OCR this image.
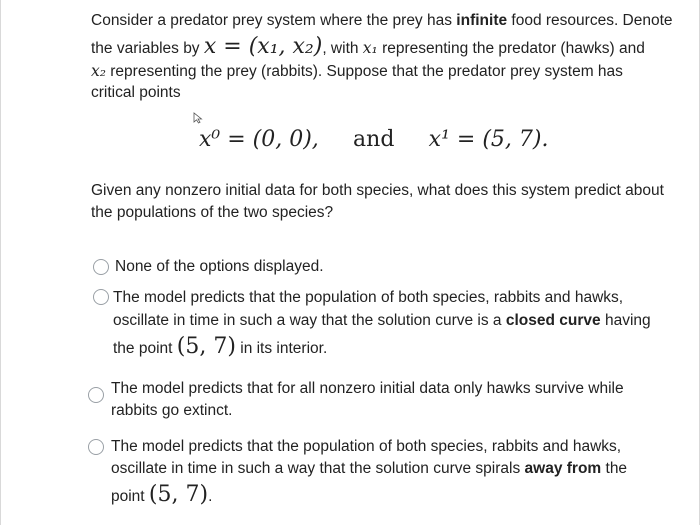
Consider a predator prey system where the prey has infinite food resources. Denote
the variables by x = (x₁, x₂), with x₁ representing the predator (hawks) and
x₂ representing the prey (rabbits). Suppose that the predator prey system has
critical points
x⁰ = (0, 0), and x¹ = (5, 7).
Given any nonzero initial data for both species, what does this system predict about
the populations of the two species?
None of the options displayed.
The model predicts that the population of both species, rabbits and hawks,
oscillate in time in such a way that the solution curve is a closed curve having
the point (5, 7) in its interior.
The model predicts that for all nonzero initial data only hawks survive while
rabbits go extinct.
The model predicts that the population of both species, rabbits and hawks,
oscillate in time in such a way that the solution curve spirals away from the
point (5, 7).
